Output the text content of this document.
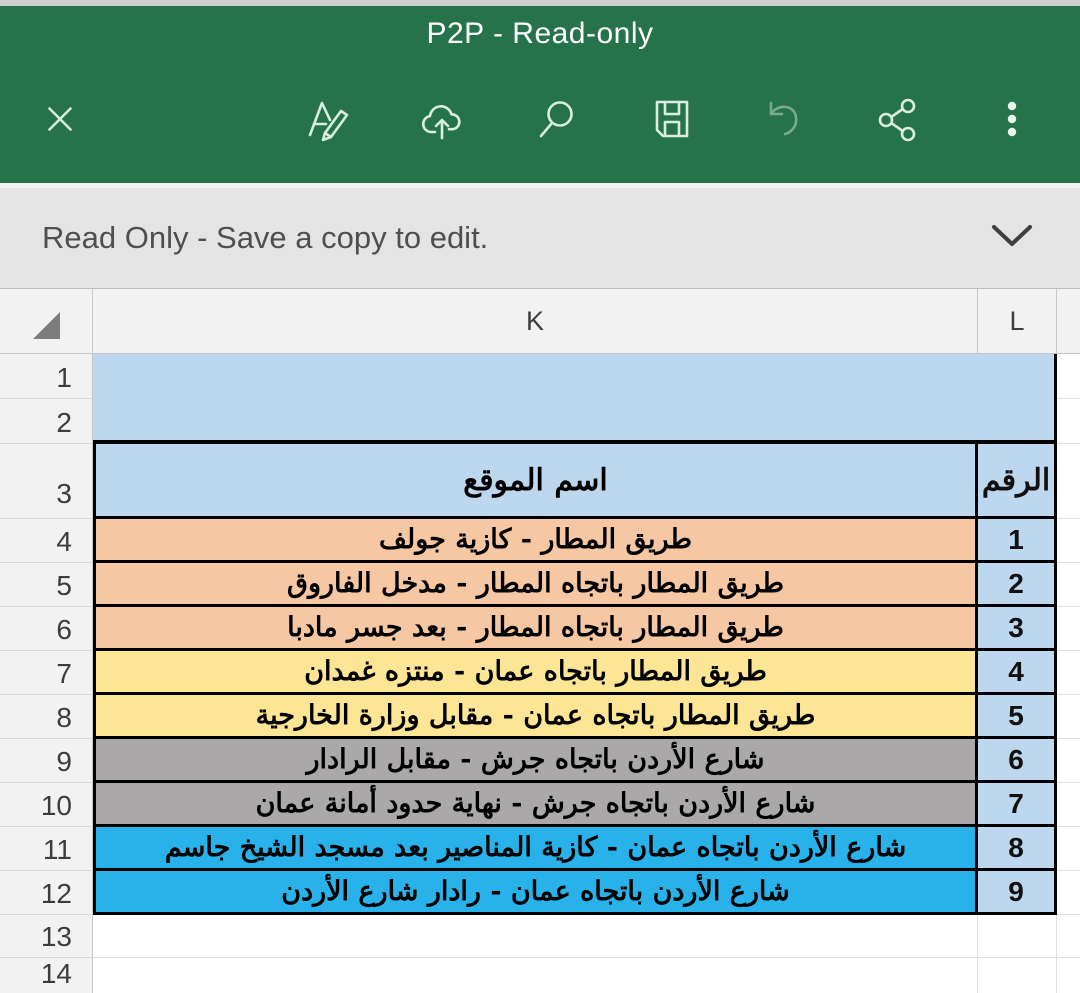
P2P - Read-only
Read Only - Save a copy to edit.
K	L
1
2
3	اسم الموقع	الرقم
4	طريق المطار - كازية جولف	1
5	طريق المطار باتجاه المطار - مدخل الفاروق	2
6	طريق المطار باتجاه المطار - بعد جسر مادبا	3
7	طريق المطار باتجاه عمان - منتزه غمدان	4
8	طريق المطار باتجاه عمان - مقابل وزارة الخارجية	5
9	شارع الأردن باتجاه جرش - مقابل الرادار	6
10	شارع الأردن باتجاه جرش - نهاية حدود أمانة عمان	7
11	شارع الأردن باتجاه عمان - كازية المناصير بعد مسجد الشيخ جاسم	8
12	شارع الأردن باتجاه عمان - رادار شارع الأردن	9
13
14
